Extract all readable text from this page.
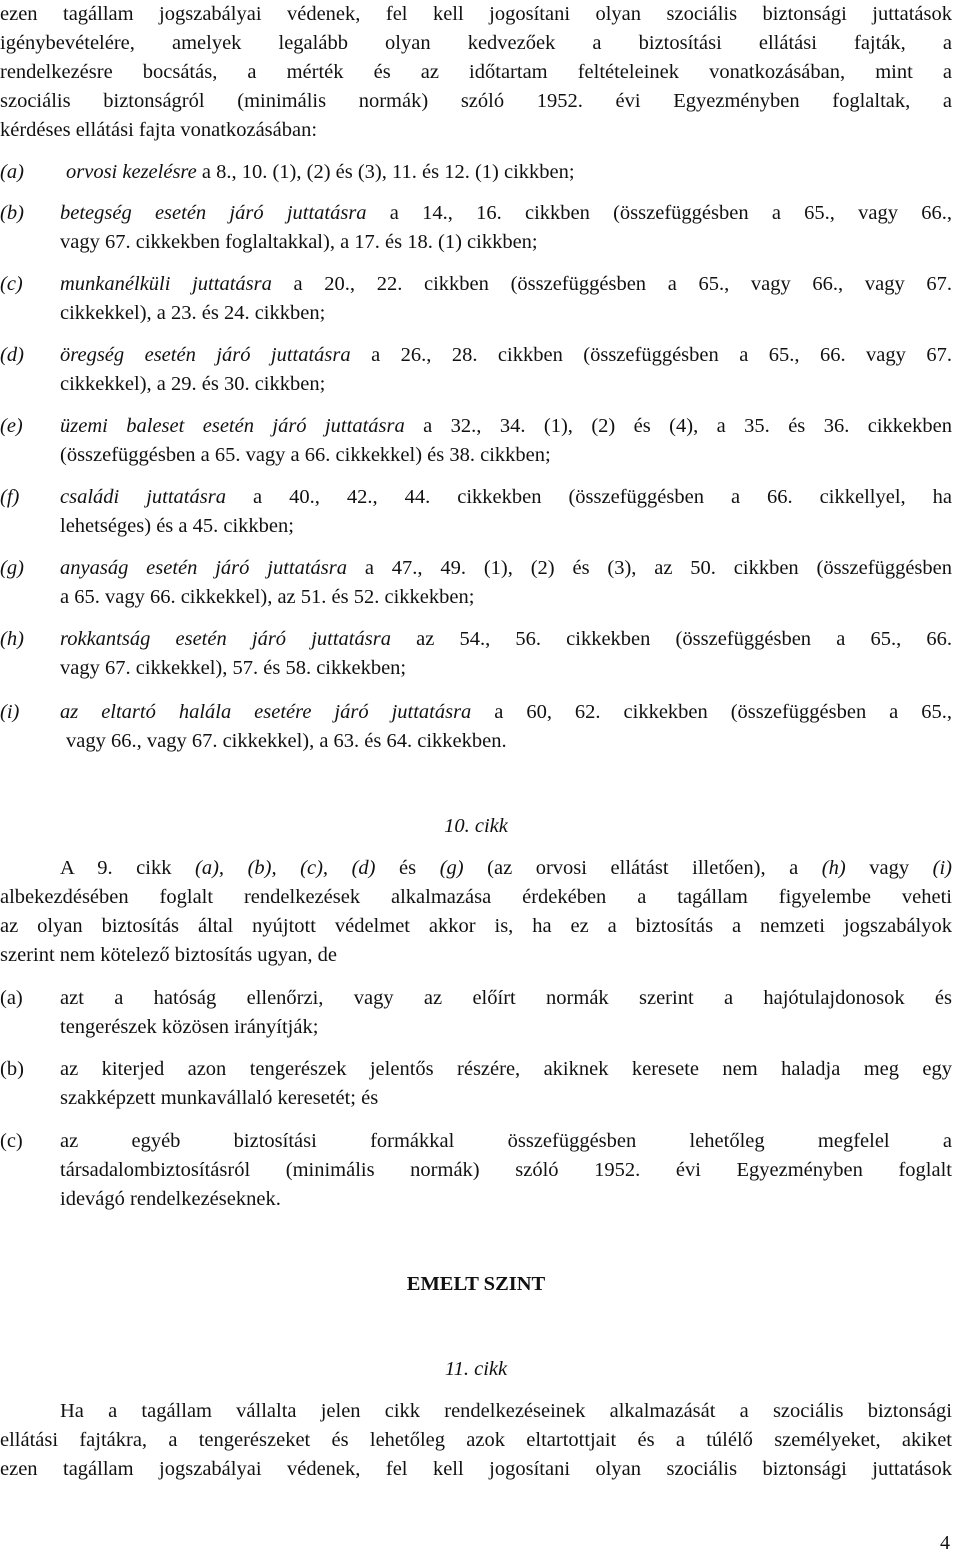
ezen tagállam jogszabályai védenek, fel kell jogosítani olyan szociális biztonsági juttatások
igénybevételére, amelyek legalább olyan kedvezőek a biztosítási ellátási fajták, a
rendelkezésre bocsátás, a mérték és az időtartam feltételeinek vonatkozásában, mint a
szociális biztonságról (minimális normák) szóló 1952. évi Egyezményben foglaltak, a
kérdéses ellátási fajta vonatkozásában:
(a)	orvosi kezelésre a 8., 10. (1), (2) és (3), 11. és 12. (1) cikkben;
(b)	betegség esetén járó juttatásra a 14., 16. cikkben (összefüggésben a 65., vagy 66.,
vagy 67. cikkekben foglaltakkal), a 17. és 18. (1) cikkben;
(c)	munkanélküli juttatásra a 20., 22. cikkben (összefüggésben a 65., vagy 66., vagy 67.
cikkekkel), a 23. és 24. cikkben;
(d)	öregség esetén járó juttatásra a 26., 28. cikkben (összefüggésben a 65., 66. vagy 67.
cikkekkel), a 29. és 30. cikkben;
(e)	üzemi baleset esetén járó juttatásra a 32., 34. (1), (2) és (4), a 35. és 36. cikkekben
(összefüggésben a 65. vagy a 66. cikkekkel) és 38. cikkben;
(f)	családi juttatásra a 40., 42., 44. cikkekben (összefüggésben a 66. cikkellyel, ha
lehetséges) és a 45. cikkben;
(g)	anyaság esetén járó juttatásra a 47., 49. (1), (2) és (3), az 50. cikkben (összefüggésben
a 65. vagy 66. cikkekkel), az 51. és 52. cikkekben;
(h)	rokkantság esetén járó juttatásra az 54., 56. cikkekben (összefüggésben a 65., 66.
vagy 67. cikkekkel), 57. és 58. cikkekben;
(i)	az eltartó halála esetére járó juttatásra a 60, 62. cikkekben (összefüggésben a 65.,
vagy 66., vagy 67. cikkekkel), a 63. és 64. cikkekben.
10. cikk
A 9. cikk (a), (b), (c), (d) és (g) (az orvosi ellátást illetően), a (h) vagy (i)
albekezdésében foglalt rendelkezések alkalmazása érdekében a tagállam figyelembe veheti
az olyan biztosítás által nyújtott védelmet akkor is, ha ez a biztosítás a nemzeti jogszabályok
szerint nem kötelező biztosítás ugyan, de
(a)	azt a hatóság ellenőrzi, vagy az előírt normák szerint a hajótulajdonosok és
tengerészek közösen irányítják;
(b)	az kiterjed azon tengerészek jelentős részére, akiknek keresete nem haladja meg egy
szakképzett munkavállaló keresetét; és
(c)	az egyéb biztosítási formákkal összefüggésben lehetőleg megfelel a
társadalombiztosításról (minimális normák) szóló 1952. évi Egyezményben foglalt
idevágó rendelkezéseknek.
EMELT SZINT
11. cikk
Ha a tagállam vállalta jelen cikk rendelkezéseinek alkalmazását a szociális biztonsági
ellátási fajtákra, a tengerészeket és lehetőleg azok eltartottjait és a túlélő személyeket, akiket
ezen tagállam jogszabályai védenek, fel kell jogosítani olyan szociális biztonsági juttatások
4
